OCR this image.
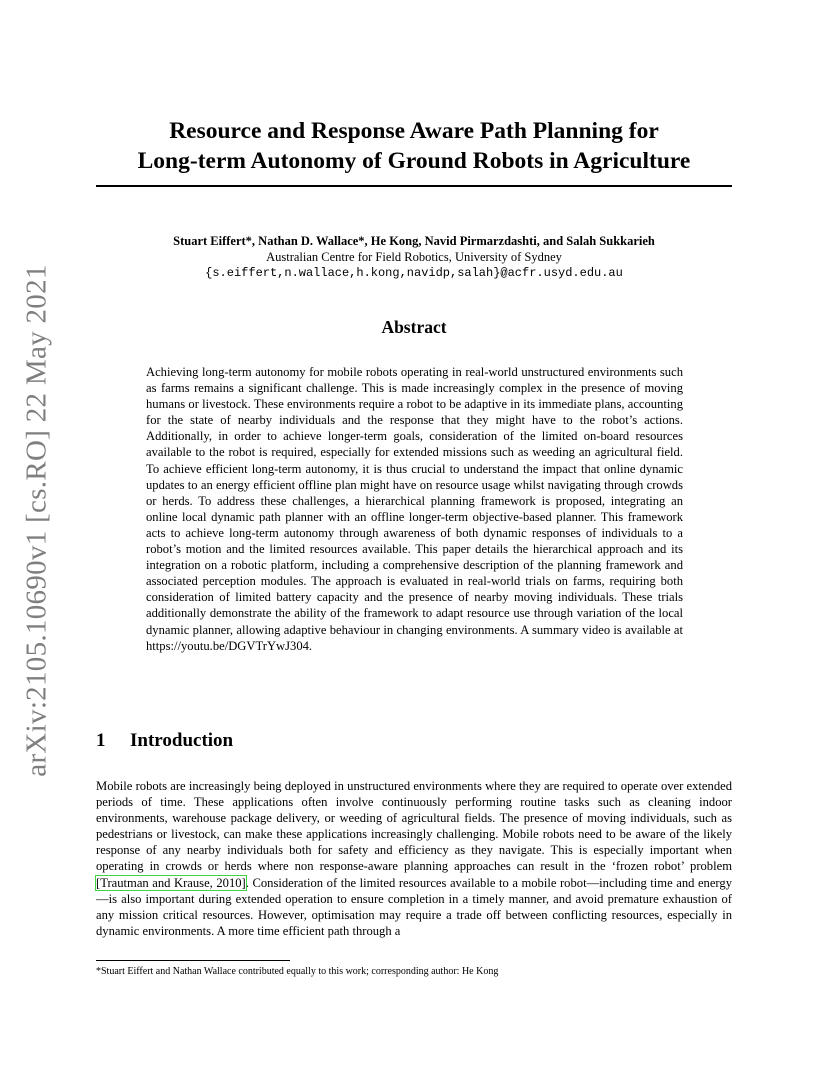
arXiv:2105.10690v1 [cs.RO] 22 May 2021
Resource and Response Aware Path Planning for
Long-term Autonomy of Ground Robots in Agriculture
Stuart Eiffert*, Nathan D. Wallace*, He Kong, Navid Pirmarzdashti, and Salah Sukkarieh
Australian Centre for Field Robotics, University of Sydney
{s.eiffert,n.wallace,h.kong,navidp,salah}@acfr.usyd.edu.au
Abstract
Achieving long-term autonomy for mobile robots operating in real-world unstructured environments such as farms remains a significant challenge. This is made increasingly complex in the presence of moving humans or livestock. These environments require a robot to be adaptive in its immediate plans, accounting for the state of nearby individuals and the response that they might have to the robot’s actions. Additionally, in order to achieve longer-term goals, consideration of the limited on-board resources available to the robot is required, especially for extended missions such as weeding an agricultural field. To achieve efficient long-term autonomy, it is thus crucial to understand the impact that online dynamic updates to an energy efficient offline plan might have on resource usage whilst navigating through crowds or herds. To address these challenges, a hierarchical planning framework is proposed, integrating an online local dynamic path planner with an offline longer-term objective-based planner. This framework acts to achieve long-term autonomy through awareness of both dynamic responses of individuals to a robot’s motion and the limited resources available. This paper details the hierarchical approach and its integration on a robotic platform, including a comprehensive description of the planning framework and associated perception modules. The approach is evaluated in real-world trials on farms, requiring both consideration of limited battery capacity and the presence of nearby moving individuals. These trials additionally demonstrate the ability of the framework to adapt resource use through variation of the local dynamic planner, allowing adaptive behaviour in changing environments. A summary video is available at https://youtu.be/DGVTrYwJ304.
1 Introduction
Mobile robots are increasingly being deployed in unstructured environments where they are required to operate over extended periods of time. These applications often involve continuously performing routine tasks such as cleaning indoor environments, warehouse package delivery, or weeding of agricultural fields. The presence of moving individuals, such as pedestrians or livestock, can make these applications increasingly challenging. Mobile robots need to be aware of the likely response of any nearby individuals both for safety and efficiency as they navigate. This is especially important when operating in crowds or herds where non response-aware planning approaches can result in the ‘frozen robot’ problem [Trautman and Krause, 2010]. Consideration of the limited resources available to a mobile robot—including time and energy—is also important during extended operation to ensure completion in a timely manner, and avoid premature exhaustion of any mission critical resources. However, optimisation may require a trade off between conflicting resources, especially in dynamic environments. A more time efficient path through a
*Stuart Eiffert and Nathan Wallace contributed equally to this work; corresponding author: He Kong
